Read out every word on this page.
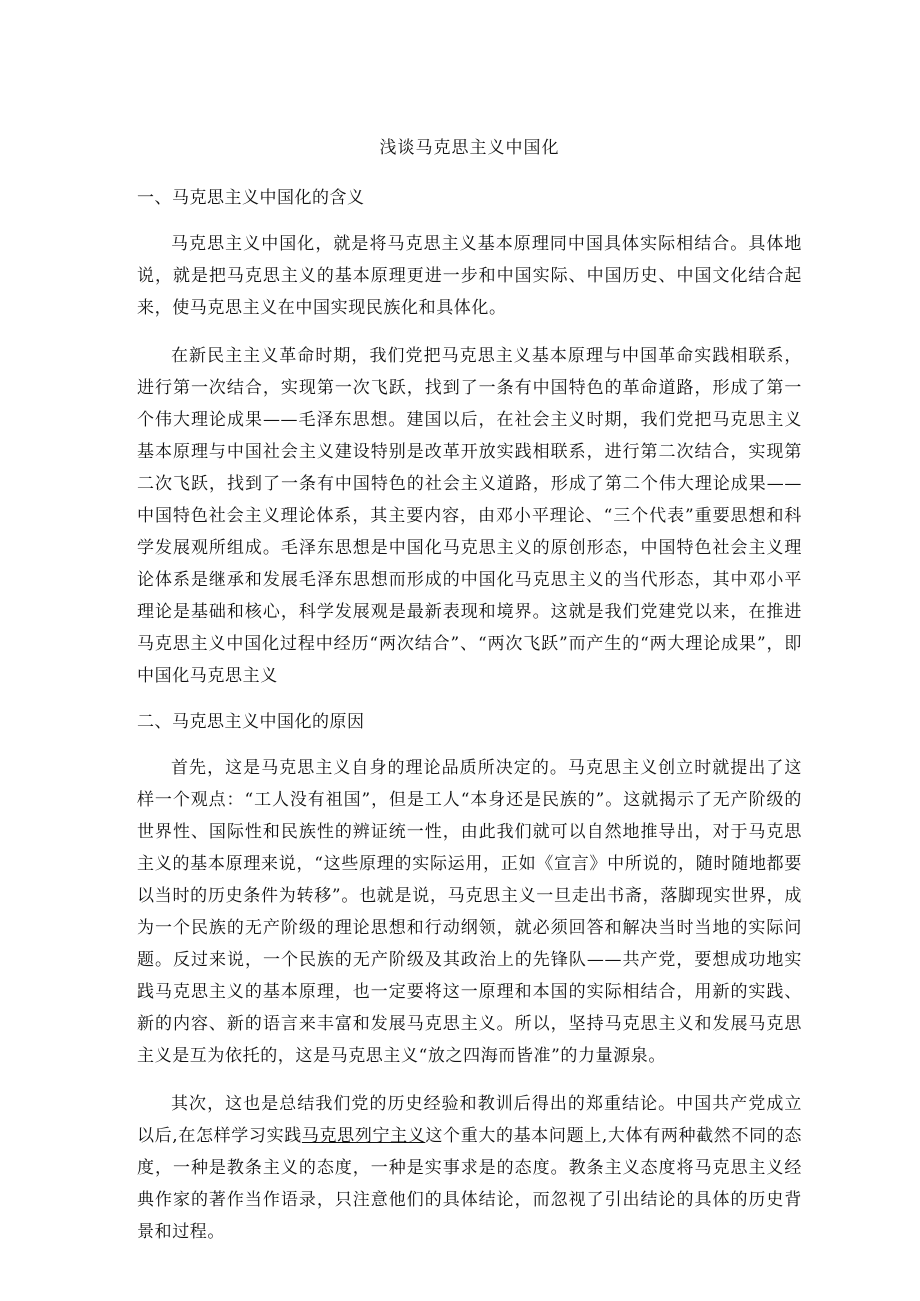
浅谈马克思主义中国化
一、马克思主义中国化的含义

马克思主义中国化，就是将马克思主义基本原理同中国具体实际相结合。具体地说，就是把马克思主义的基本原理更进一步和中国实际、中国历史、中国文化结合起来，使马克思主义在中国实现民族化和具体化。

在新民主主义革命时期，我们党把马克思主义基本原理与中国革命实践相联系，进行第一次结合，实现第一次飞跃，找到了一条有中国特色的革命道路，形成了第一个伟大理论成果——毛泽东思想。建国以后，在社会主义时期，我们党把马克思主义基本原理与中国社会主义建设特别是改革开放实践相联系，进行第二次结合，实现第二次飞跃，找到了一条有中国特色的社会主义道路，形成了第二个伟大理论成果——中国特色社会主义理论体系，其主要内容，由邓小平理论、“三个代表”重要思想和科学发展观所组成。毛泽东思想是中国化马克思主义的原创形态，中国特色社会主义理论体系是继承和发展毛泽东思想而形成的中国化马克思主义的当代形态，其中邓小平理论是基础和核心，科学发展观是最新表现和境界。这就是我们党建党以来，在推进马克思主义中国化过程中经历“两次结合”、“两次飞跃”而产生的“两大理论成果”，即中国化马克思主义

二、马克思主义中国化的原因

首先，这是马克思主义自身的理论品质所决定的。马克思主义创立时就提出了这样一个观点：“工人没有祖国”，但是工人“本身还是民族的”。这就揭示了无产阶级的世界性、国际性和民族性的辨证统一性，由此我们就可以自然地推导出，对于马克思主义的基本原理来说，“这些原理的实际运用，正如《宣言》中所说的，随时随地都要以当时的历史条件为转移”。也就是说，马克思主义一旦走出书斋，落脚现实世界，成为一个民族的无产阶级的理论思想和行动纲领，就必须回答和解决当时当地的实际问题。反过来说，一个民族的无产阶级及其政治上的先锋队——共产党，要想成功地实践马克思主义的基本原理，也一定要将这一原理和本国的实际相结合，用新的实践、新的内容、新的语言来丰富和发展马克思主义。所以，坚持马克思主义和发展马克思主义是互为依托的，这是马克思主义“放之四海而皆准”的力量源泉。

其次，这也是总结我们党的历史经验和教训后得出的郑重结论。中国共产党成立以后,在怎样学习实践马克思列宁主义这个重大的基本问题上,大体有两种截然不同的态度，一种是教条主义的态度，一种是实事求是的态度。教条主义态度将马克思主义经典作家的著作当作语录，只注意他们的具体结论，而忽视了引出结论的具体的历史背景和过程。
